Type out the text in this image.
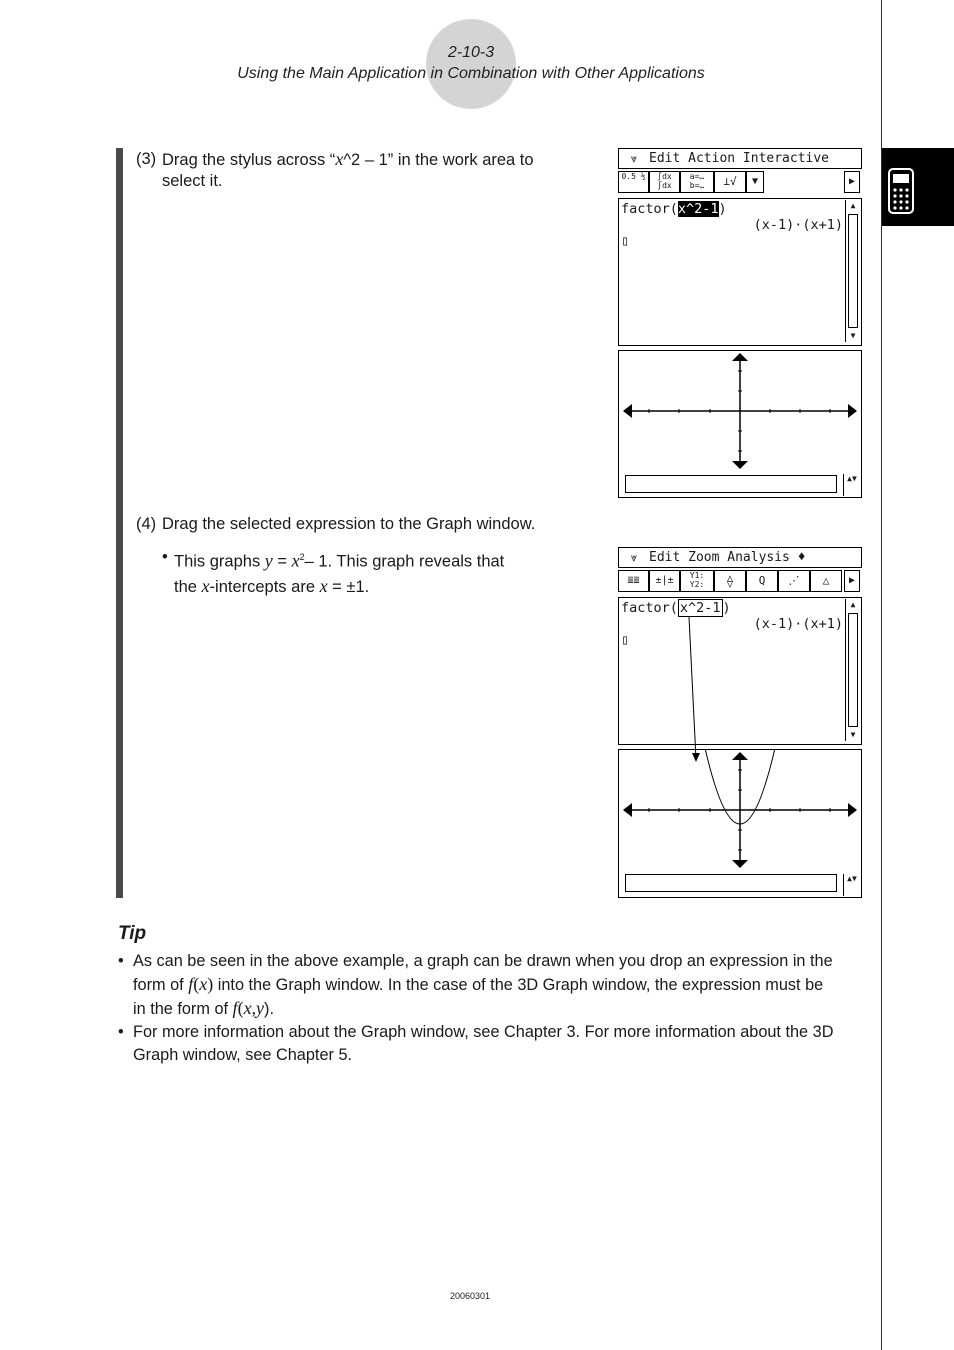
2-10-3
Using the Main Application in Combination with Other Applications
(3) Drag the stylus across “x^2 – 1” in the work area to
select it.
(4) Drag the selected expression to the Graph window.
• This graphs $y = x^2-$ 1. This graph reveals that
the x-intercepts are x = ±1.
⩔ Edit Action Interactive
0.5 ½	∫dx ∫dx
a=… b=…	⊥√	▼	▶
factor(x^2-1)
(x-1)·(x+1)
▯
▲
▼
▲▼
⩔ Edit Zoom Analysis ♦
≣≣	±|±	Y1: Y2:	⟠	Q	⋰	△	▶
factor( x^2-1 )
(x-1)·(x+1)
▯
▲
▼
▲▼
Tip
• As can be seen in the above example, a graph can be drawn when you drop an expression in the
form of f(x) into the Graph window. In the case of the 3D Graph window, the expression must be
in the form of f(x,y).
• For more information about the Graph window, see Chapter 3. For more information about the 3D
Graph window, see Chapter 5.
20060301
